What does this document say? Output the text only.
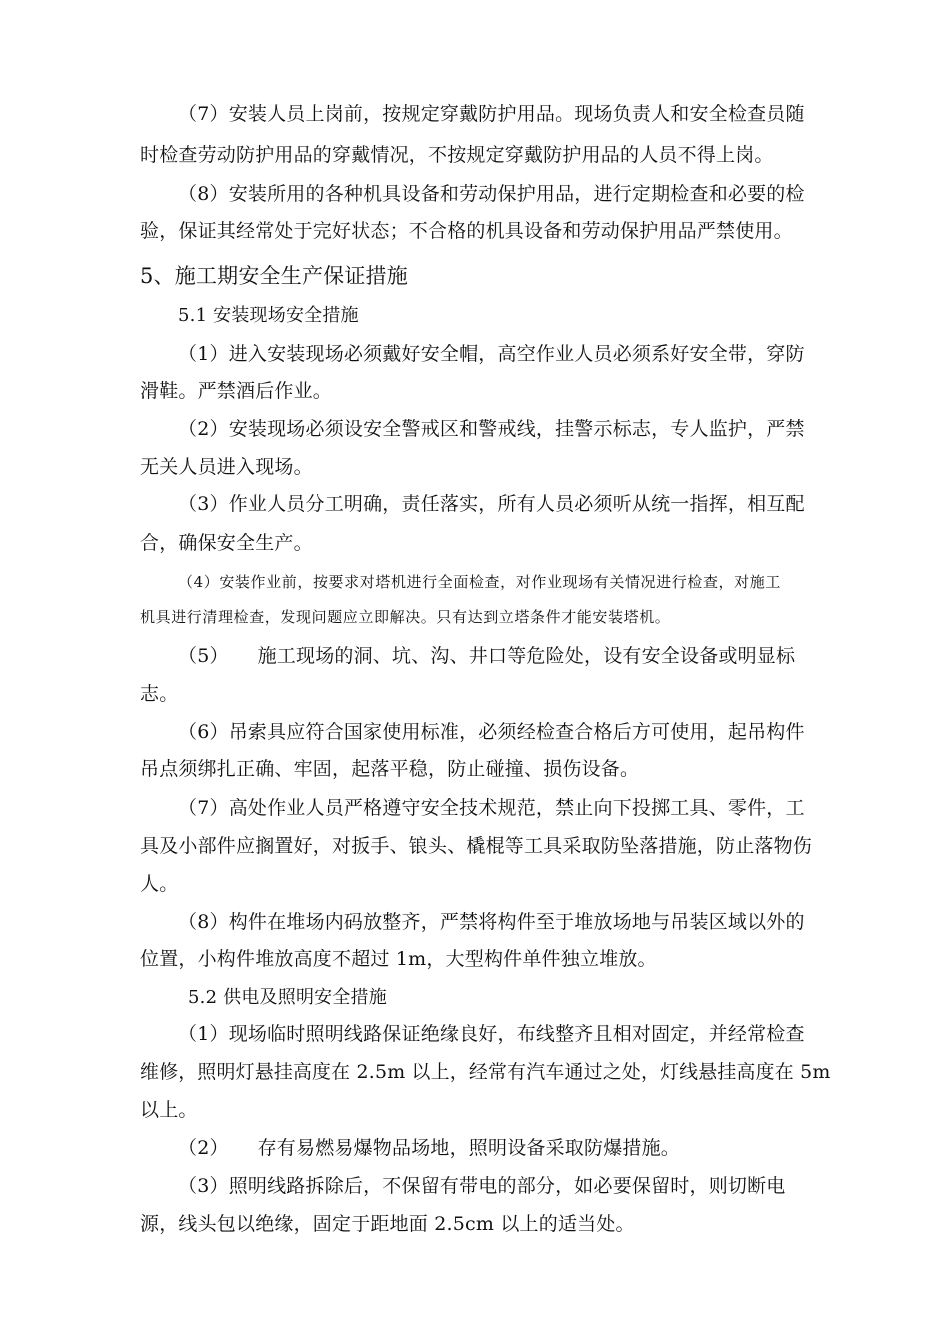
（7）安装人员上岗前，按规定穿戴防护用品。现场负责人和安全检查员随
时检查劳动防护用品的穿戴情况，不按规定穿戴防护用品的人员不得上岗。
（8）安装所用的各种机具设备和劳动保护用品，进行定期检查和必要的检
验，保证其经常处于完好状态；不合格的机具设备和劳动保护用品严禁使用。
5、施工期安全生产保证措施
5.1 安装现场安全措施
（1）进入安装现场必须戴好安全帽，高空作业人员必须系好安全带，穿防
滑鞋。严禁酒后作业。
（2）安装现场必须设安全警戒区和警戒线，挂警示标志，专人监护，严禁
无关人员进入现场。
（3）作业人员分工明确，责任落实，所有人员必须听从统一指挥，相互配
合，确保安全生产。
（4）安装作业前，按要求对塔机进行全面检查，对作业现场有关情况进行检查，对施工
机具进行清理检查，发现问题应立即解决。只有达到立塔条件才能安装塔机。
（5）　　施工现场的洞、坑、沟、井口等危险处，设有安全设备或明显标
志。
（6）吊索具应符合国家使用标准，必须经检查合格后方可使用，起吊构件
吊点须绑扎正确、牢固，起落平稳，防止碰撞、损伤设备。
（7）高处作业人员严格遵守安全技术规范，禁止向下投掷工具、零件，工
具及小部件应搁置好，对扳手、锒头、橇棍等工具采取防坠落措施，防止落物伤
人。
（8）构件在堆场内码放整齐，严禁将构件至于堆放场地与吊装区域以外的
位置，小构件堆放高度不超过 1m，大型构件单件独立堆放。
5.2 供电及照明安全措施
（1）现场临时照明线路保证绝缘良好，布线整齐且相对固定，并经常检查
维修，照明灯悬挂高度在 2.5m 以上，经常有汽车通过之处，灯线悬挂高度在 5m
以上。
（2）　　存有易燃易爆物品场地，照明设备采取防爆措施。
（3）照明线路拆除后，不保留有带电的部分，如必要保留时，则切断电
源，线头包以绝缘，固定于距地面 2.5cm 以上的适当处。
